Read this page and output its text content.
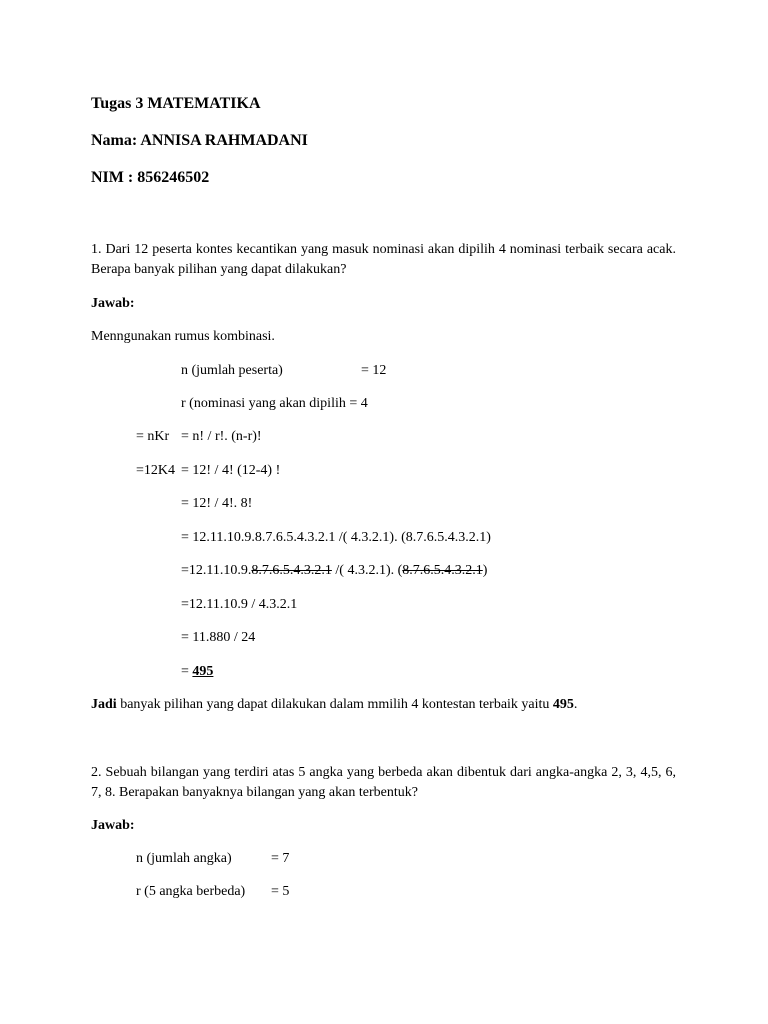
Tugas 3 MATEMATIKA
Nama: ANNISA RAHMADANI
NIM : 856246502
1. Dari 12 peserta kontes kecantikan yang masuk nominasi akan dipilih 4 nominasi terbaik secara acak. Berapa banyak pilihan yang dapat dilakukan?
Jawab:
Menngunakan rumus kombinasi.
n (jumlah peserta)	= 12
r (nominasi yang akan dipilih = 4
= nKr = n! / r!. (n-r)!
=12K4 = 12! / 4! (12-4) !
= 12! / 4!. 8!
= 12.11.10.9.8.7.6.5.4.3.2.1 /( 4.3.2.1). (8.7.6.5.4.3.2.1)
=12.11.10.9.8.7.6.5.4.3.2.1 /( 4.3.2.1). (8.7.6.5.4.3.2.1)
=12.11.10.9 / 4.3.2.1
= 11.880 / 24
= 495
Jadi banyak pilihan yang dapat dilakukan dalam mmilih 4 kontestan terbaik yaitu 495.
2. Sebuah bilangan yang terdiri atas 5 angka yang berbeda akan dibentuk dari angka-angka 2, 3, 4,5, 6, 7, 8. Berapakan banyaknya bilangan yang akan terbentuk?
Jawab:
n (jumlah angka)	= 7
r (5 angka berbeda) = 5
